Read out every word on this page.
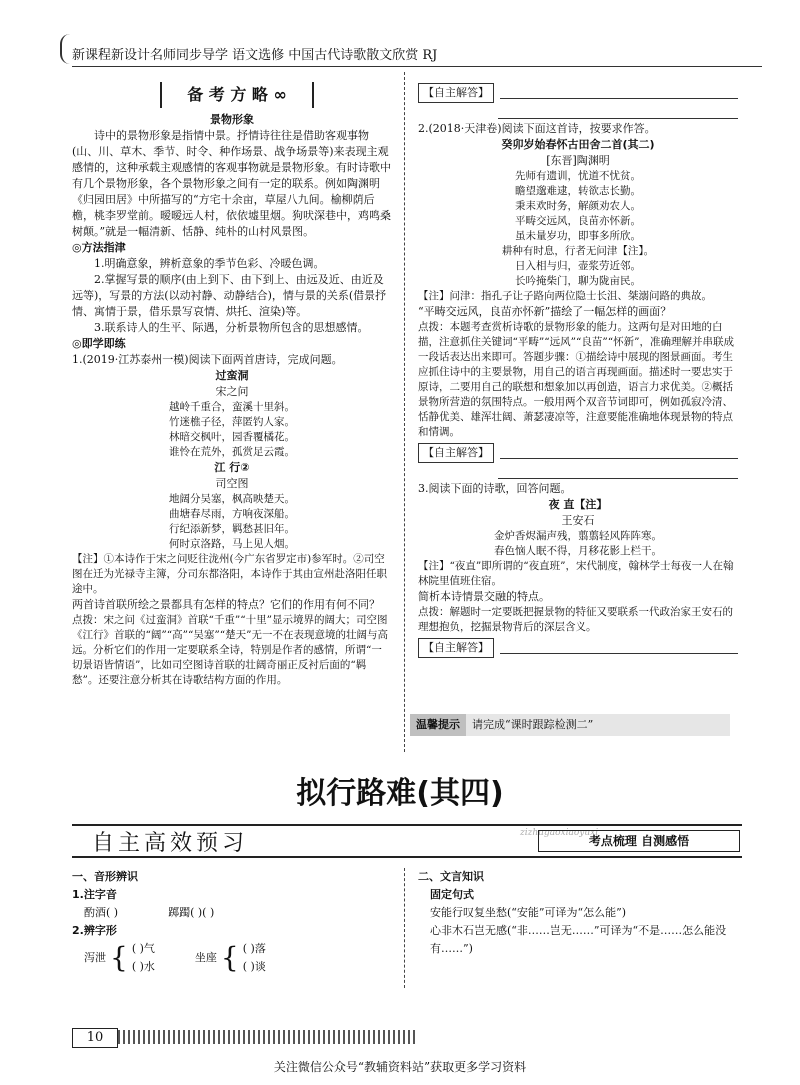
新课程新设计名师同步导学 语文选修 中国古代诗歌散文欣赏 RJ
备 考 方 略 ∞

景物形象

诗中的景物形象是指情中景。抒情诗往往是借助客观事物(山、川、草木、季节、时令、种作场景、战争场景等)来表现主观感情的，这种承载主观感情的客观事物就是景物形象。有时诗歌中有几个景物形象，各个景物形象之间有一定的联系。例如陶渊明《归园田居》中所描写的“方宅十余亩，草屋八九间。榆柳荫后檐，桃李罗堂前。暧暧远人村，依依墟里烟。狗吠深巷中，鸡鸣桑树颠。”就是一幅清新、恬静、纯朴的山村风景图。

◎方法指津

1.明确意象，辨析意象的季节色彩、冷暖色调。

2.掌握写景的顺序(由上到下、由下到上、由远及近、由近及远等)，写景的方法(以动衬静、动静结合)，情与景的关系(借景抒情、寓情于景，借乐景写哀情、烘托、渲染)等。

3.联系诗人的生平、际遇，分析景物所包含的思想感情。

◎即学即练

1.(2019·江苏泰州一模)阅读下面两首唐诗，完成问题。

过蛮洞

宋之问

越岭千重合，蛮溪十里斜。
竹迷樵子径，萍匿钓人家。
林暗交枫叶，园香覆橘花。
谁怜在荒外，孤赏足云霞。

江 行②

司空图

地阔分吴塞，枫高映楚天。
曲塘春尽雨，方响夜深船。
行纪添新梦，羁愁甚旧年。
何时京洛路，马上见人烟。

【注】①本诗作于宋之问贬往泷州(今广东省罗定市)参军时。②司空图在迁为光禄寺主簿，分司东都洛阳，本诗作于其由宣州赴洛阳任职途中。

两首诗首联所绘之景都具有怎样的特点？它们的作用有何不同？

点拨：宋之问《过蛮洞》首联“千重”“十里”显示境界的阔大；司空图《江行》首联的“阔”“高”“吴塞”“楚天”无一不在表现意境的壮阔与高远。分析它们的作用一定要联系全诗，特别是作者的感情，所谓“一切景语皆情语”，比如司空图诗首联的壮阔奇丽正反衬后面的“羁愁”。还要注意分析其在诗歌结构方面的作用。

【自主解答】

2.(2018·天津卷)阅读下面这首诗，按要求作答。

癸卯岁始春怀古田舍二首(其二)

[东晋]陶渊明

先师有遗训，忧道不忧贫。
瞻望邈难逮，转欲志长勤。
秉耒欢时务，解颜劝农人。
平畴交远风，良苗亦怀新。
虽未量岁功，即事多所欣。
耕种有时息，行者无问津【注】。
日入相与归，壶浆劳近邻。
长吟掩柴门，聊为陇亩民。

【注】问津：指孔子让子路向两位隐士长沮、桀溺问路的典故。

“平畴交远风，良苗亦怀新”描绘了一幅怎样的画面？

点拨：本题考查赏析诗歌的景物形象的能力。这两句是对田地的白描，注意抓住关键词“平畴”“远风”“良苗”“怀新”，准确理解并串联成一段话表达出来即可。答题步骤：①描绘诗中展现的图景画面。考生应抓住诗中的主要景物，用自己的语言再现画面。描述时一要忠实于原诗，二要用自己的联想和想象加以再创造，语言力求优美。②概括景物所营造的氛围特点。一般用两个双音节词即可，例如孤寂冷清、恬静优美、雄浑壮阔、萧瑟凄凉等，注意要能准确地体现景物的特点和情调。

【自主解答】

3.阅读下面的诗歌，回答问题。

夜 直【注】

王安石

金炉香烬漏声残，翦翦轻风阵阵寒。
春色恼人眠不得，月移花影上栏干。

【注】“夜直”即所谓的“夜直班”，宋代制度，翰林学士每夜一人在翰林院里值班住宿。

简析本诗情景交融的特点。

点拨：解题时一定要既把握景物的特征又要联系一代政治家王安石的理想抱负，挖掘景物背后的深层含义。

【自主解答】
温馨提示 请完成“课时跟踪检测二”
拟行路难(其四)
自主高效预习	zizhugaoxiaoyuxi
考点梳理 自测感悟
一、音形辨识
1.注字音
酌酒( )	踯躅( )( )
2.辨字形
泻泄 { ( )气
( )水
坐座 { ( )落
( )谈
二、文言知识
固定句式
安能行叹复坐愁(“安能”可译为“怎么能”)
心非木石岂无感(“非……岂无……”可译为“不是……怎么能没有……”)
10
关注微信公众号“教辅资料站”获取更多学习资料
